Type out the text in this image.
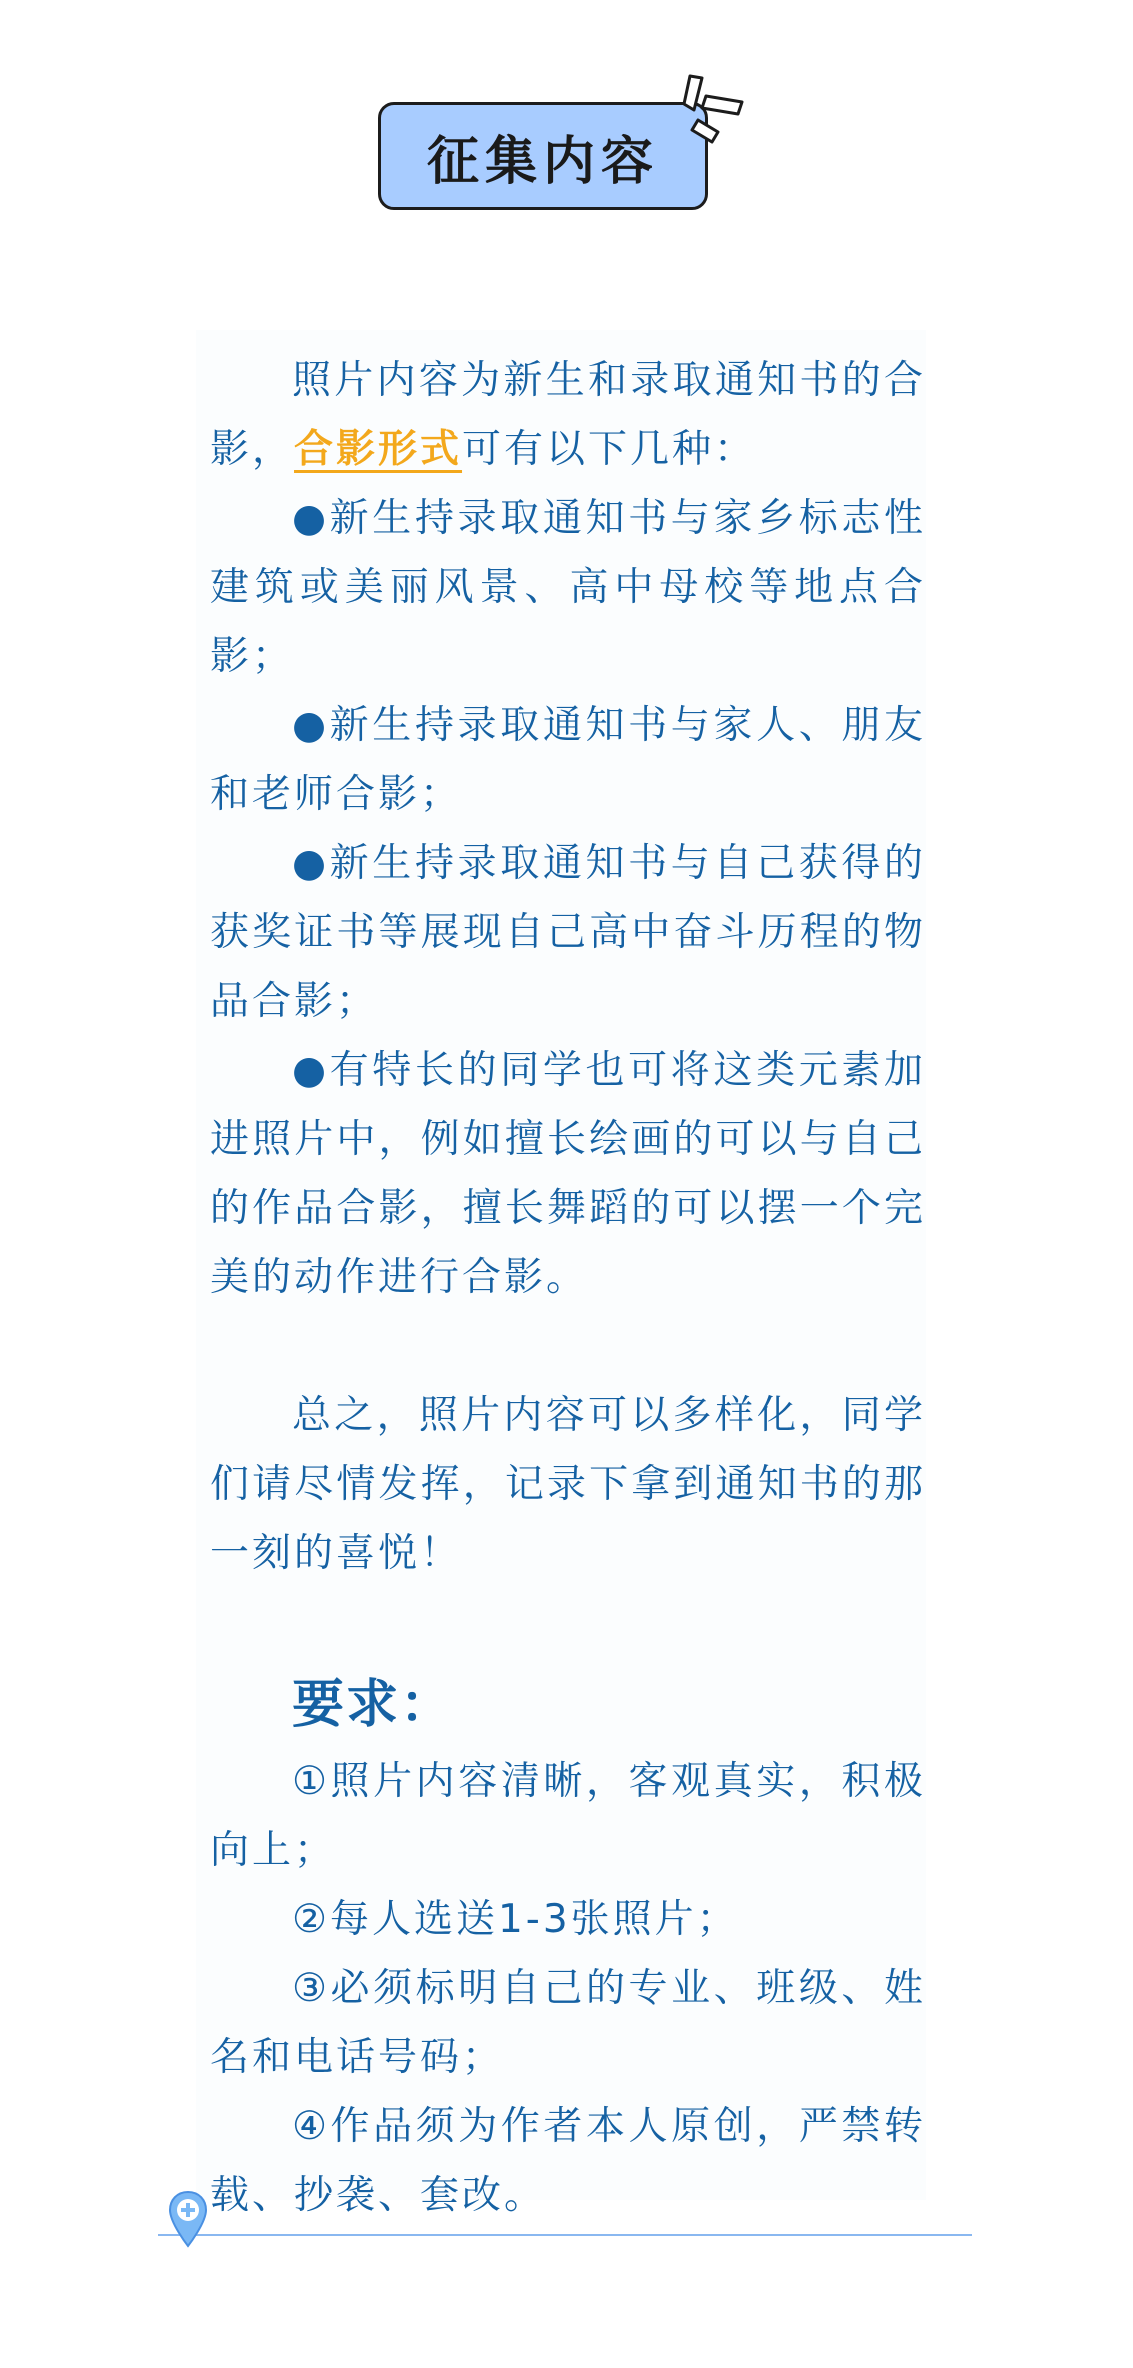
征集内容

照片内容为新生和录取通知书的合影，合影形式可有以下几种：

●新生持录取通知书与家乡标志性建筑或美丽风景、高中母校等地点合影；

●新生持录取通知书与家人、朋友和老师合影；

●新生持录取通知书与自己获得的获奖证书等展现自己高中奋斗历程的物品合影；

●有特长的同学也可将这类元素加进照片中，例如擅长绘画的可以与自己的作品合影，擅长舞蹈的可以摆一个完美的动作进行合影。

总之，照片内容可以多样化，同学们请尽情发挥，记录下拿到通知书的那一刻的喜悦！

要求：

①照片内容清晰，客观真实，积极向上；

②每人选送1-3张照片；

③必须标明自己的专业、班级、姓名和电话号码；

④作品须为作者本人原创，严禁转载、抄袭、套改。
